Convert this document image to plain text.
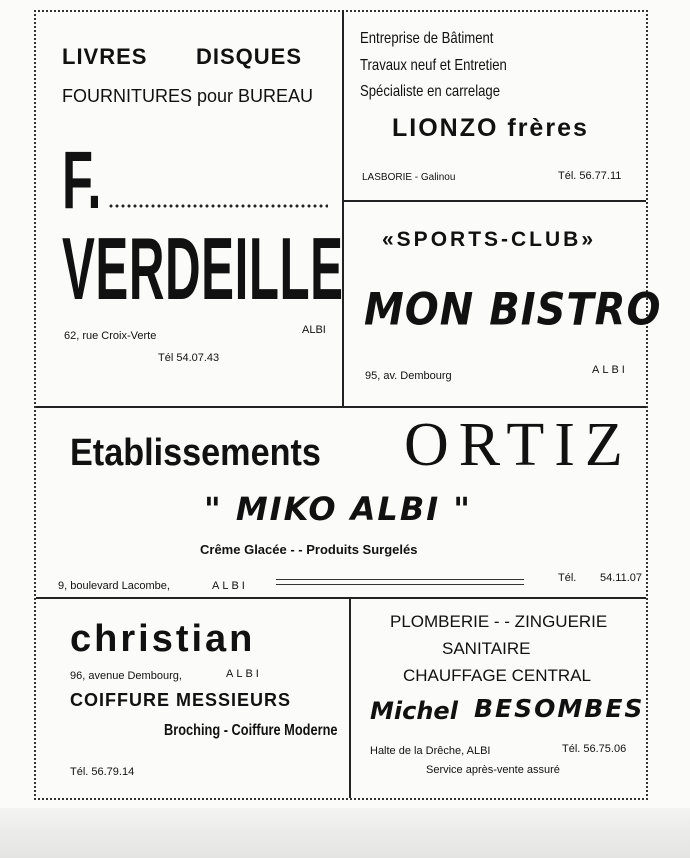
LIVRES DISQUES
FOURNITURES pour BUREAU
F.
VERDEILLE
62, rue Croix-Verte	ALBI
Tél 54.07.43
Entreprise de Bâtiment
Travaux neuf et Entretien
Spécialiste en carrelage
LIONZO frères
LASBORIE - Galinou	Tél. 56.77.11
«SPORTS-CLUB»
MON BISTRO
95, av. Dembourg	ALBI
Etablissements ORTIZ
" MIKO ALBI "
Crême Glacée - - Produits Surgelés
9, boulevard Lacombe,	ALBI
Tél. 54.11.07
christian
96, avenue Dembourg,	ALBI
COIFFURE MESSIEURS
Broching - Coiffure Moderne
Tél. 56.79.14
PLOMBERIE - - ZINGUERIE
SANITAIRE
CHAUFFAGE CENTRAL
Michel BESOMBES
Halte de la Drêche, ALBI	Tél. 56.75.06
Service après-vente assuré
